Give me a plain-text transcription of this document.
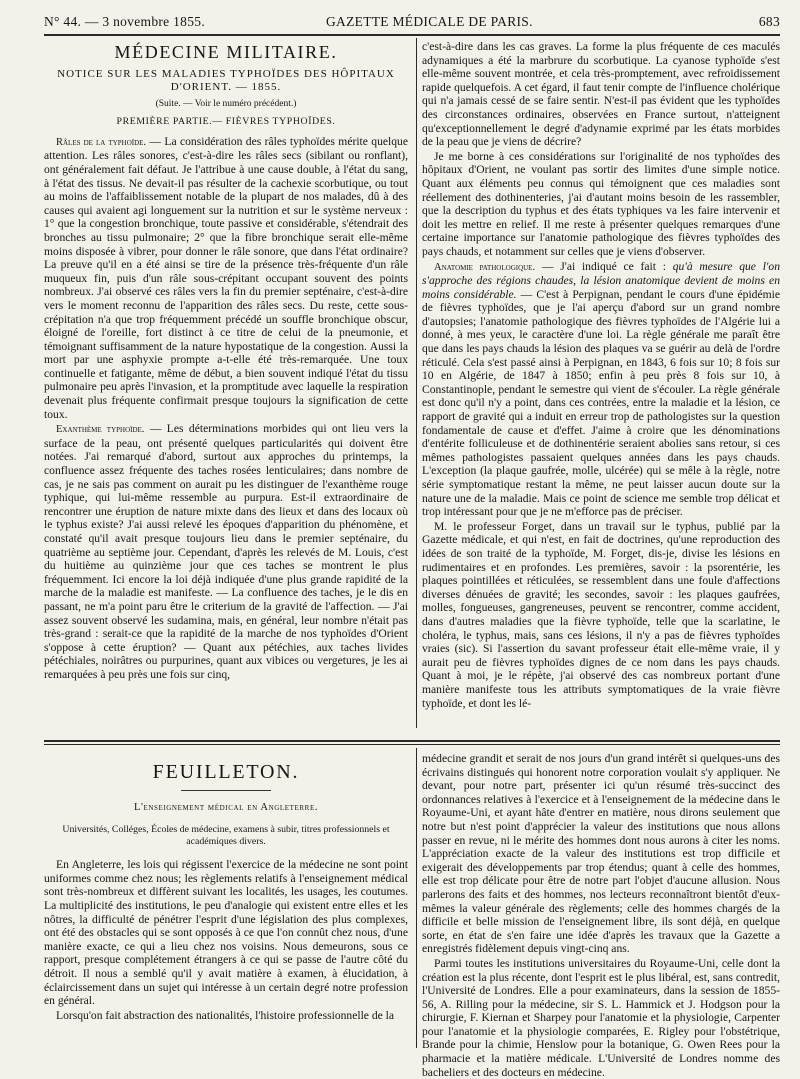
N° 44. — 3 novembre 1855.	GAZETTE MÉDICALE DE PARIS.	683
MÉDECINE MILITAIRE.
NOTICE SUR LES MALADIES TYPHOÏDES DES HÔPITAUX D'ORIENT. — 1855.
(Suite. — Voir le numéro précédent.)
PREMIÈRE PARTIE.— FIÈVRES TYPHOÏDES.

Râles de la typhoïde. — La considération des râles typhoïdes mérite quelque attention. Les râles sonores, c'est-à-dire les râles secs (sibilant ou ronflant), ont généralement fait défaut. Je l'attribue à une cause double, à l'état du sang, à l'état des tissus. Ne devait-il pas résulter de la cachexie scorbutique, ou tout au moins de l'affaiblissement notable de la plupart de nos malades, dû à des causes qui avaient agi longuement sur la nutrition et sur le système nerveux : 1° que la congestion bronchique, toute passive et considérable, s'étendrait des bronches au tissu pulmonaire; 2° que la fibre bronchique serait elle-même moins disposée à vibrer, pour donner le râle sonore, que dans l'état ordinaire? La preuve qu'il en a été ainsi se tire de la présence très-fréquente d'un râle muqueux fin, puis d'un râle sous-crépitant occupant souvent des points nombreux. J'ai observé ces râles vers la fin du premier septénaire, c'est-à-dire vers le moment reconnu de l'apparition des râles secs. Du reste, cette sous-crépitation n'a que trop fréquemment précédé un souffle bronchique obscur, éloigné de l'oreille, fort distinct à ce titre de celui de la pneumonie, et témoignant suffisamment de la nature hypostatique de la congestion. Aussi la mort par une asphyxie prompte a-t-elle été très-remarquée. Une toux continuelle et fatigante, même de début, a bien souvent indiqué l'état du tissu pulmonaire peu après l'invasion, et la promptitude avec laquelle la respiration devenait plus fréquente confirmait presque toujours la signification de cette toux.

Exanthème typhoïde. — Les déterminations morbides qui ont lieu vers la surface de la peau, ont présenté quelques particularités qui doivent être notées. J'ai remarqué d'abord, surtout aux approches du printemps, la confluence assez fréquente des taches rosées lenticulaires; dans nombre de cas, je ne sais pas comment on aurait pu les distinguer de l'exanthème rouge typhique, qui lui-même ressemble au purpura. Est-il extraordinaire de rencontrer une éruption de nature mixte dans des lieux et dans des locaux où le typhus existe? J'ai aussi relevé les époques d'apparition du phénomène, et constaté qu'il avait presque toujours lieu dans le premier septénaire, du quatrième au septième jour. Cependant, d'après les relevés de M. Louis, c'est du huitième au quinzième jour que ces taches se montrent le plus fréquemment. Ici encore la loi déjà indiquée d'une plus grande rapidité de la marche de la maladie est manifeste. — La confluence des taches, je le dis en passant, ne m'a point paru être le criterium de la gravité de l'affection. — J'ai assez souvent observé les sudamina, mais, en général, leur nombre n'était pas très-grand : serait-ce que la rapidité de la marche de nos typhoïdes d'Orient s'oppose à cette éruption? — Quant aux pétéchies, aux taches livides pétéchiales, noirâtres ou purpurines, quant aux vibices ou vergetures, je les ai remarquées à peu près une fois sur cinq,

c'est-à-dire dans les cas graves. La forme la plus fréquente de ces maculés adynamiques a été la marbrure du scorbutique. La cyanose typhoïde s'est elle-même souvent montrée, et cela très-promptement, avec refroidissement rapide quelquefois. A cet égard, il faut tenir compte de l'influence cholérique qui n'a jamais cessé de se faire sentir. N'est-il pas évident que les typhoïdes des circonstances ordinaires, observées en France surtout, n'atteignent qu'exceptionnellement le degré d'adynamie exprimé par les états morbides de la peau que je viens de décrire?

Je me borne à ces considérations sur l'originalité de nos typhoïdes des hôpitaux d'Orient, ne voulant pas sortir des limites d'une simple notice. Quant aux éléments peu connus qui témoignent que ces maladies sont réellement des dothinenteries, j'ai d'autant moins besoin de les rassembler, que la description du typhus et des états typhiques va les faire intervenir et doit les mettre en relief. Il me reste à présenter quelques remarques d'une certaine importance sur l'anatomie pathologique des fièvres typhoïdes des pays chauds, et notamment sur celles que je viens d'observer.

Anatomie pathologique. — J'ai indiqué ce fait : qu'à mesure que l'on s'approche des régions chaudes, la lésion anatomique devient de moins en moins considérable. — C'est à Perpignan, pendant le cours d'une épidémie de fièvres typhoïdes, que je l'ai aperçu d'abord sur un grand nombre d'autopsies; l'anatomie pathologique des fièvres typhoïdes de l'Algérie lui a donné, à mes yeux, le caractère d'une loi. La règle générale me paraît être que dans les pays chauds la lésion des plaques va se guérir au delà de l'ordre réticulé. Cela s'est passé ainsi à Perpignan, en 1843, 6 fois sur 10; 8 fois sur 10 en Algérie, de 1847 à 1850; enfin à peu près 8 fois sur 10, à Constantinople, pendant le semestre qui vient de s'écouler. La règle générale est donc qu'il n'y a point, dans ces contrées, entre la maladie et la lésion, ce rapport de gravité qui a induit en erreur trop de pathologistes sur la question fondamentale de cause et d'effet. J'aime à croire que les dénominations d'entérite folliculeuse et de dothinentérie seraient abolies sans retour, si ces mêmes pathologistes passaient quelques années dans les pays chauds. L'exception (la plaque gaufrée, molle, ulcérée) qui se mêle à la règle, notre série symptomatique restant la même, ne peut laisser aucun doute sur la nature une de la maladie. Mais ce point de science me semble trop délicat et trop intéressant pour que je ne m'efforce pas de préciser.

M. le professeur Forget, dans un travail sur le typhus, publié par la Gazette médicale, et qui n'est, en fait de doctrines, qu'une reproduction des idées de son traité de la typhoïde, M. Forget, dis-je, divise les lésions en rudimentaires et en profondes. Les premières, savoir : la psorentérie, les plaques pointillées et réticulées, se ressemblent dans une foule d'affections diverses dénuées de gravité; les secondes, savoir : les plaques gaufrées, molles, fongueuses, gangreneuses, peuvent se rencontrer, comme accident, dans d'autres maladies que la fièvre typhoïde, telle que la scarlatine, le choléra, le typhus, mais, sans ces lésions, il n'y a pas de fièvres typhoïdes vraies (sic). Si l'assertion du savant professeur était elle-même vraie, il y aurait peu de fièvres typhoïdes dignes de ce nom dans les pays chauds. Quant à moi, je le répète, j'ai observé des cas nombreux portant d'une manière manifeste tous les attributs symptomatiques de la vraie fièvre typhoïde, et dont les lé-

FEUILLETON.
L'enseignement médical en Angleterre.
Universités, Colléges, Écoles de médecine, examens à subir, titres professionnels et académiques divers.

En Angleterre, les lois qui régissent l'exercice de la médecine ne sont point uniformes comme chez nous; les règlements relatifs à l'enseignement médical sont très-nombreux et diffèrent suivant les localités, les usages, les coutumes. La multiplicité des institutions, le peu d'analogie qui existent entre elles et les nôtres, la difficulté de pénétrer l'esprit d'une législation des plus complexes, ont été des obstacles qui se sont opposés à ce que l'on connût chez nous, d'une manière exacte, ce qui a lieu chez nos voisins. Nous demeurons, sous ce rapport, presque complétement étrangers à ce qui se passe de l'autre côté du détroit. Il nous a semblé qu'il y avait matière à examen, à élucidation, à éclaircissement dans un sujet qui intéresse à un certain degré notre profession en général.

Lorsqu'on fait abstraction des nationalités, l'histoire professionnelle de la

médecine grandit et serait de nos jours d'un grand intérêt si quelques-uns des écrivains distingués qui honorent notre corporation voulait s'y appliquer. Ne devant, pour notre part, présenter ici qu'un résumé très-succinct des ordonnances relatives à l'exercice et à l'enseignement de la médecine dans le Royaume-Uni, et ayant hâte d'entrer en matière, nous dirons seulement que notre but n'est point d'apprécier la valeur des institutions que nous allons passer en revue, ni le mérite des hommes dont nous aurons à citer les noms. L'appréciation exacte de la valeur des institutions est trop difficile et exigerait des développements par trop étendus; quant à celle des hommes, elle est trop délicate pour être de notre part l'objet d'aucune allusion. Nous parlerons des faits et des hommes, nos lecteurs reconnaîtront bientôt d'eux-mêmes la valeur générale des règlements; celle des hommes chargés de la difficile et belle mission de l'enseignement libre, ils sont déjà, en quelque sorte, en état de s'en faire une idée d'après les travaux que la Gazette a enregistrés fidèlement depuis vingt-cinq ans.

Parmi toutes les institutions universitaires du Royaume-Uni, celle dont la création est la plus récente, dont l'esprit est le plus libéral, est, sans contredit, l'Université de Londres. Elle a pour examinateurs, dans la session de 1855-56, A. Rilling pour la médecine, sir S. L. Hammick et J. Hodgson pour la chirurgie, F. Kiernan et Sharpey pour l'anatomie et la physiologie, Carpenter pour l'anatomie et la physiologie comparées, E. Rigley pour l'obstétrique, Brande pour la chimie, Henslow pour la botanique, G. Owen Rees pour la pharmacie et la matière médicale. L'Université de Londres nomme des bacheliers et des docteurs en médecine.
